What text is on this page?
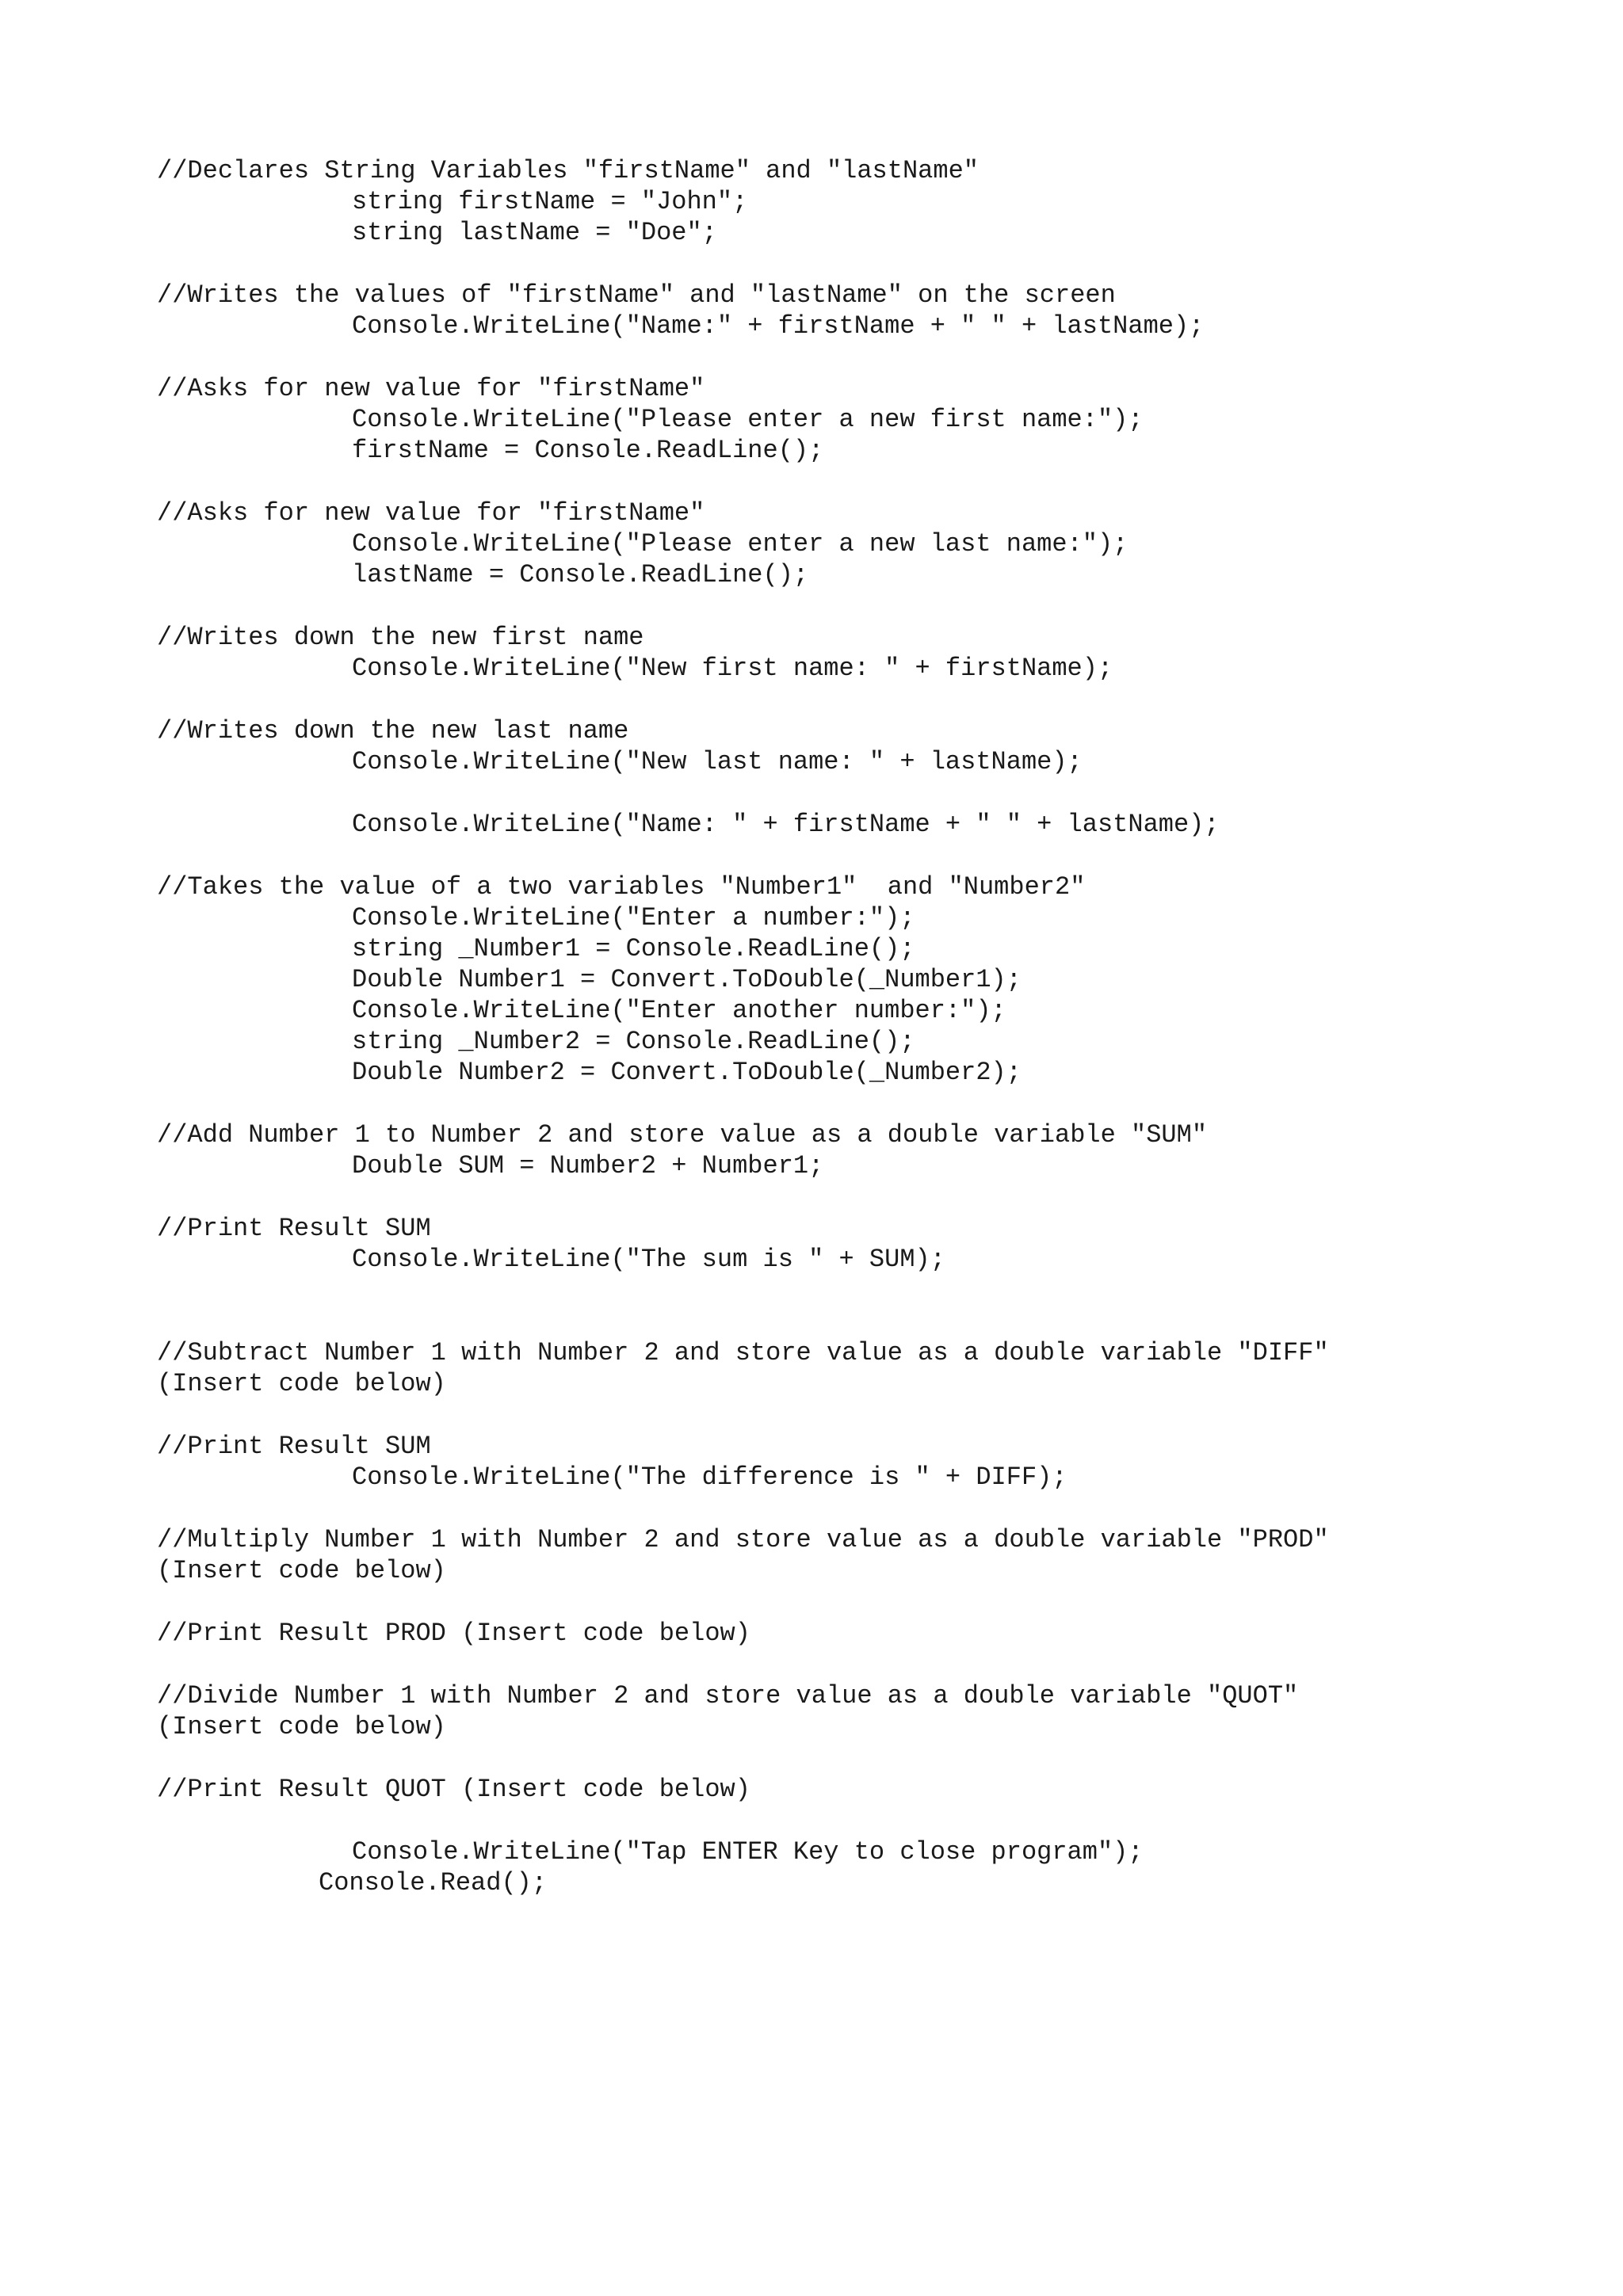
//Declares String Variables "firstName" and "lastName"
string firstName = "John";
string lastName = "Doe";
//Writes the values of "firstName" and "lastName" on the screen
Console.WriteLine("Name:" + firstName + " " + lastName);
//Asks for new value for "firstName"
Console.WriteLine("Please enter a new first name:");
firstName = Console.ReadLine();
//Asks for new value for "firstName"
Console.WriteLine("Please enter a new last name:");
lastName = Console.ReadLine();
//Writes down the new first name
Console.WriteLine("New first name: " + firstName);
//Writes down the new last name
Console.WriteLine("New last name: " + lastName);
Console.WriteLine("Name: " + firstName + " " + lastName);
//Takes the value of a two variables "Number1"  and "Number2"
Console.WriteLine("Enter a number:");
string _Number1 = Console.ReadLine();
Double Number1 = Convert.ToDouble(_Number1);
Console.WriteLine("Enter another number:");
string _Number2 = Console.ReadLine();
Double Number2 = Convert.ToDouble(_Number2);
//Add Number 1 to Number 2 and store value as a double variable "SUM"
Double SUM = Number2 + Number1;
//Print Result SUM
Console.WriteLine("The sum is " + SUM);
//Subtract Number 1 with Number 2 and store value as a double variable "DIFF"
(Insert code below)
//Print Result SUM
Console.WriteLine("The difference is " + DIFF);
//Multiply Number 1 with Number 2 and store value as a double variable "PROD"
(Insert code below)
//Print Result PROD (Insert code below)
//Divide Number 1 with Number 2 and store value as a double variable "QUOT"
(Insert code below)
//Print Result QUOT (Insert code below)
Console.WriteLine("Tap ENTER Key to close program");
Console.Read();
